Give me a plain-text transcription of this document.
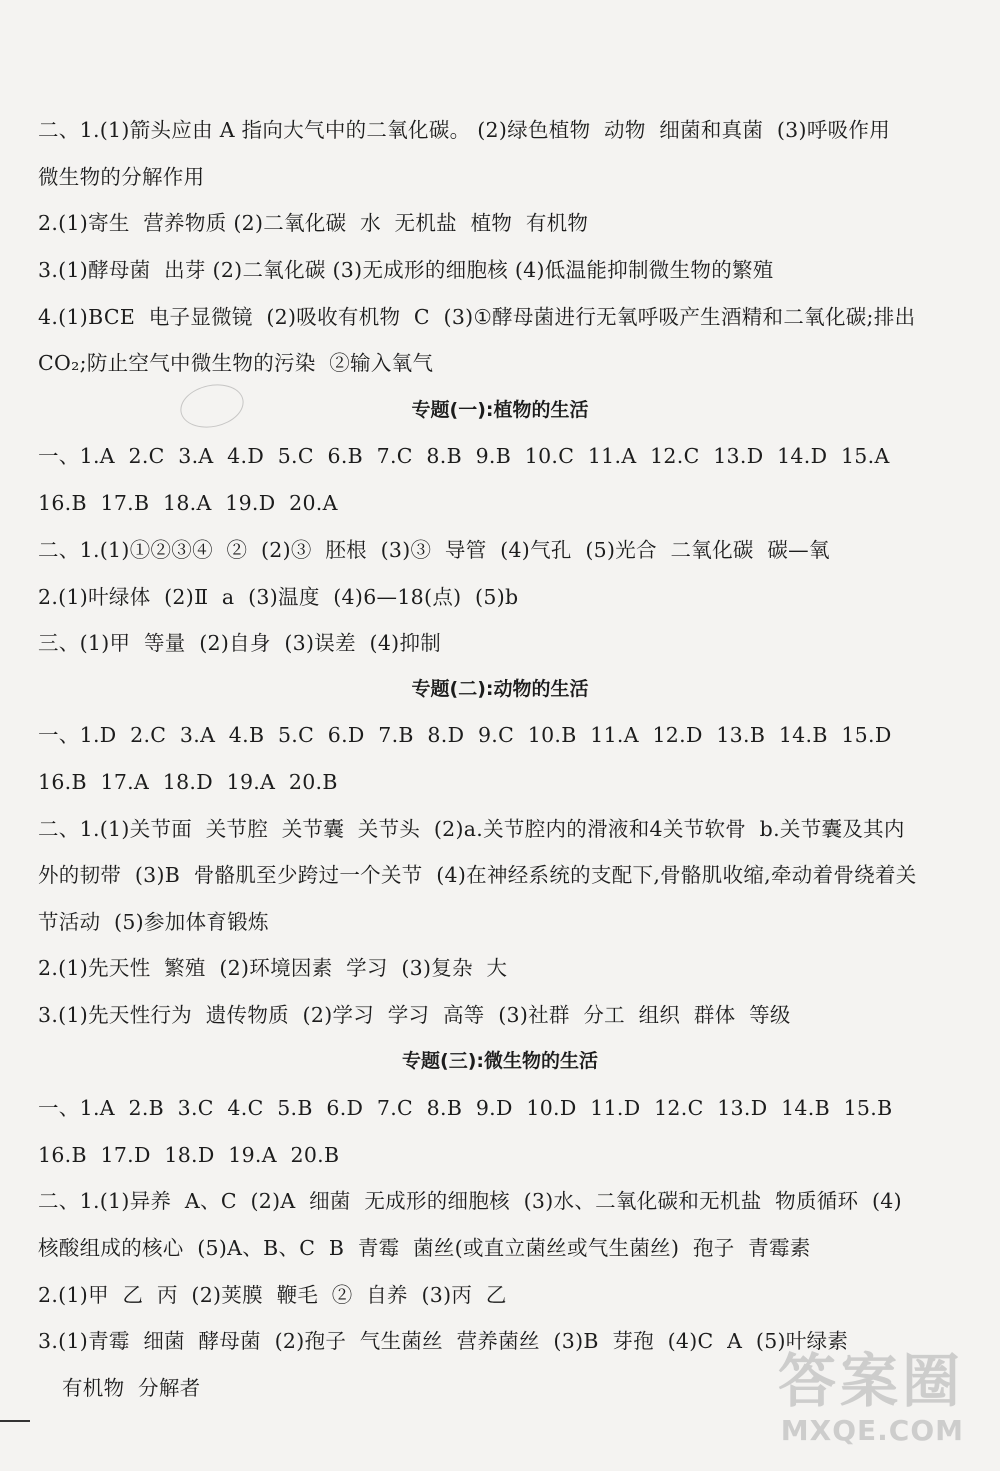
二、1.(1)箭头应由 A 指向大气中的二氧化碳。 (2)绿色植物  动物  细菌和真菌  (3)呼吸作用
微生物的分解作用
2.(1)寄生  营养物质 (2)二氧化碳  水  无机盐  植物  有机物
3.(1)酵母菌  出芽 (2)二氧化碳 (3)无成形的细胞核 (4)低温能抑制微生物的繁殖
4.(1)BCE  电子显微镜  (2)吸收有机物  C  (3)①酵母菌进行无氧呼吸产生酒精和二氧化碳;排出
CO₂;防止空气中微生物的污染  ②输入氧气
专题(一):植物的生活
一、1.A  2.C  3.A  4.D  5.C  6.B  7.C  8.B  9.B  10.C  11.A  12.C  13.D  14.D  15.A
16.B  17.B  18.A  19.D  20.A
二、1.(1)①②③④  ②  (2)③  胚根  (3)③  导管  (4)气孔  (5)光合  二氧化碳  碳—氧
2.(1)叶绿体  (2)Ⅱ  a  (3)温度  (4)6—18(点)  (5)b
三、(1)甲  等量  (2)自身  (3)误差  (4)抑制
专题(二):动物的生活
一、1.D  2.C  3.A  4.B  5.C  6.D  7.B  8.D  9.C  10.B  11.A  12.D  13.B  14.B  15.D
16.B  17.A  18.D  19.A  20.B
二、1.(1)关节面  关节腔  关节囊  关节头  (2)a.关节腔内的滑液和4关节软骨  b.关节囊及其内
外的韧带  (3)B  骨骼肌至少跨过一个关节  (4)在神经系统的支配下,骨骼肌收缩,牵动着骨绕着关
节活动  (5)参加体育锻炼
2.(1)先天性  繁殖  (2)环境因素  学习  (3)复杂  大
3.(1)先天性行为  遗传物质  (2)学习  学习  高等  (3)社群  分工  组织  群体  等级
专题(三):微生物的生活
一、1.A  2.B  3.C  4.C  5.B  6.D  7.C  8.B  9.D  10.D  11.D  12.C  13.D  14.B  15.B
16.B  17.D  18.D  19.A  20.B
二、1.(1)异养  A、C  (2)A  细菌  无成形的细胞核  (3)水、二氧化碳和无机盐  物质循环  (4)
核酸组成的核心  (5)A、B、C  B  青霉  菌丝(或直立菌丝或气生菌丝)  孢子  青霉素
2.(1)甲  乙  丙  (2)荚膜  鞭毛  ②  自养  (3)丙  乙
3.(1)青霉  细菌  酵母菌  (2)孢子  气生菌丝  营养菌丝  (3)B  芽孢  (4)C  A  (5)叶绿素
有机物  分解者	答案圈
MXQE.COM
